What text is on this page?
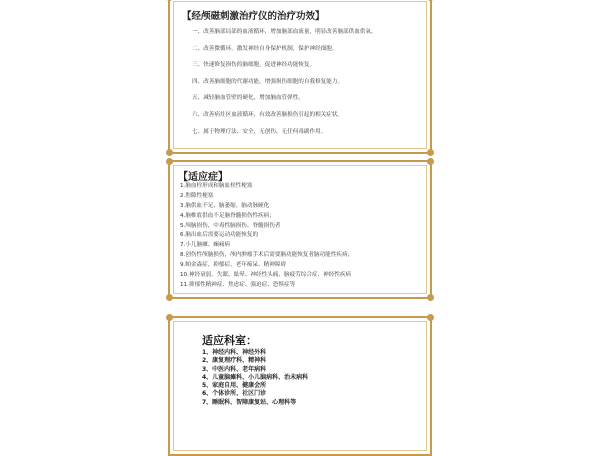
【经颅磁刺激治疗仪的治疗功效】
一、改善脑部局部的血液循环，增加脑部血流量，明显改善脑部供血供氧。
二、改善微循环，激发神经自身保护机制，保护神经细胞。
三、快速修复损伤的脑细胞，促进神经功能恢复。
四、改善脑细胞的代谢功能，增强损伤细胞的自我修复能力。
五、减轻脑血管壁的硬化，增加脑血管弹性。
六、改善病灶区血液循环，有效改善脑损伤引起的相关症状。
七、属于物理疗法、安全、无创伤、无任何毒副作用。
【适应症】
1.脑血栓形成和脑血栓性梗塞
2.腔隙性梗塞
3.脑供血不足、脑萎缩、脑动脉硬化
4.脑椎底供血不足脑脊髓损伤性疾病；
5.颅脑损伤，中毒性脑损伤、脊髓损伤者
6.脑出血后需要运动功能恢复的
7.小儿脑瘫、癫痫病
8.创伤性颅脑损伤，颅内肿瘤手术后需要脑功能恢复者脑功能性疾病；
9.帕金森症、抑郁症、老年痴呆、精神障碍
10.神经衰弱、失眠、眩晕、神经性头痛、脑疲劳综合症、神经性疾病
11.抑郁性精神症、焦虑症、强迫症、恐惧症等
适应科室：
1、神经内科、神经外科
2、康复理疗科、精神科
3、中医内科、老年病科
4、儿童脑瘫科、小儿脑病科、治未病科
5、家庭自用、健康会所
6、个体诊所、社区门诊
7、睡眠科、智障康复站、心理科等
